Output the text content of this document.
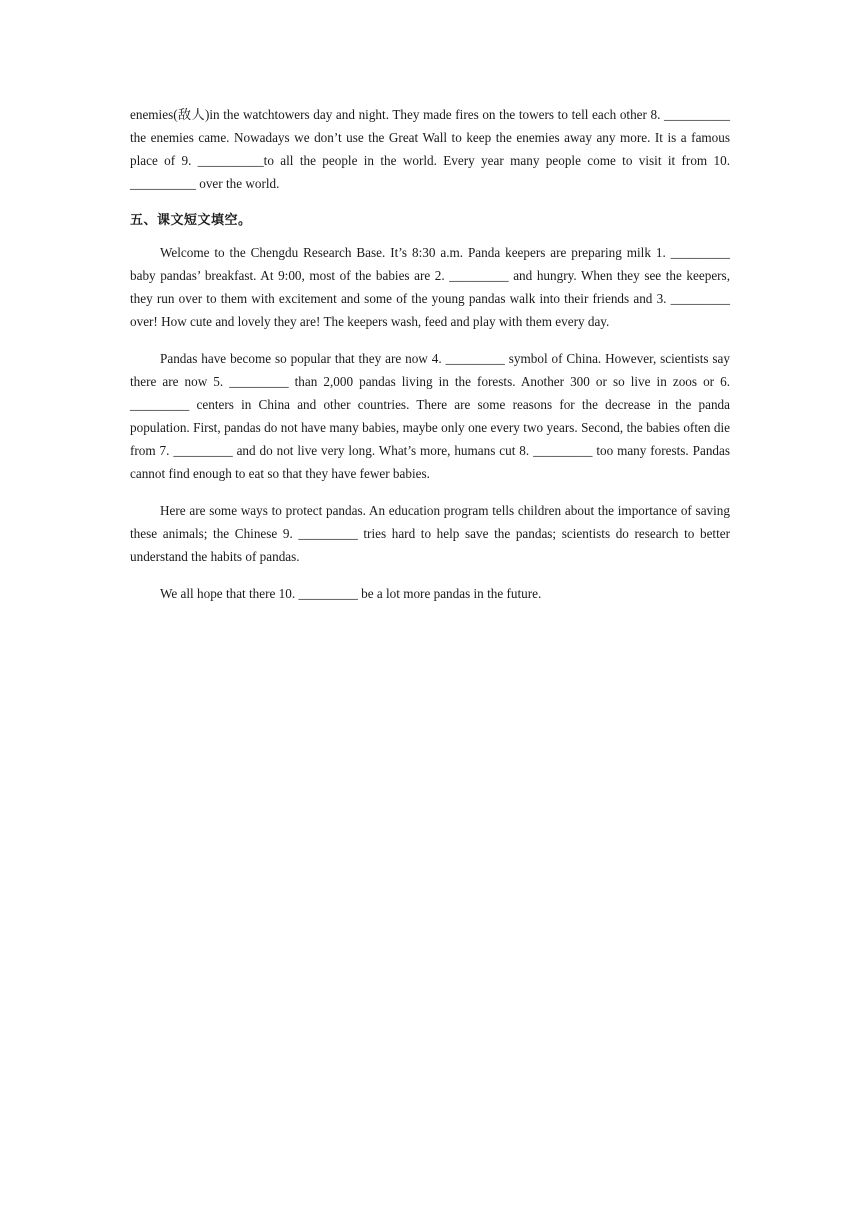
enemies(敌人)in the watchtowers day and night. They made fires on the towers to tell each other 8. __________ the enemies came. Nowadays we don’t use the Great Wall to keep the enemies away any more. It is a famous place of 9. __________to all the people in the world. Every year many people come to visit it from 10. __________ over the world.

五、课文短文填空。

Welcome to the Chengdu Research Base. It’s 8:30 a.m. Panda keepers are preparing milk 1. _________ baby pandas’ breakfast. At 9:00, most of the babies are 2. _________ and hungry. When they see the keepers, they run over to them with excitement and some of the young pandas walk into their friends and 3. _________ over! How cute and lovely they are! The keepers wash, feed and play with them every day.

Pandas have become so popular that they are now 4. _________ symbol of China. However, scientists say there are now 5. _________ than 2,000 pandas living in the forests. Another 300 or so live in zoos or 6. _________ centers in China and other countries. There are some reasons for the decrease in the panda population. First, pandas do not have many babies, maybe only one every two years. Second, the babies often die from 7. _________ and do not live very long. What’s more, humans cut 8. _________ too many forests. Pandas cannot find enough to eat so that they have fewer babies.

Here are some ways to protect pandas. An education program tells children about the importance of saving these animals; the Chinese 9. _________ tries hard to help save the pandas; scientists do research to better understand the habits of pandas.

We all hope that there 10. _________ be a lot more pandas in the future.
